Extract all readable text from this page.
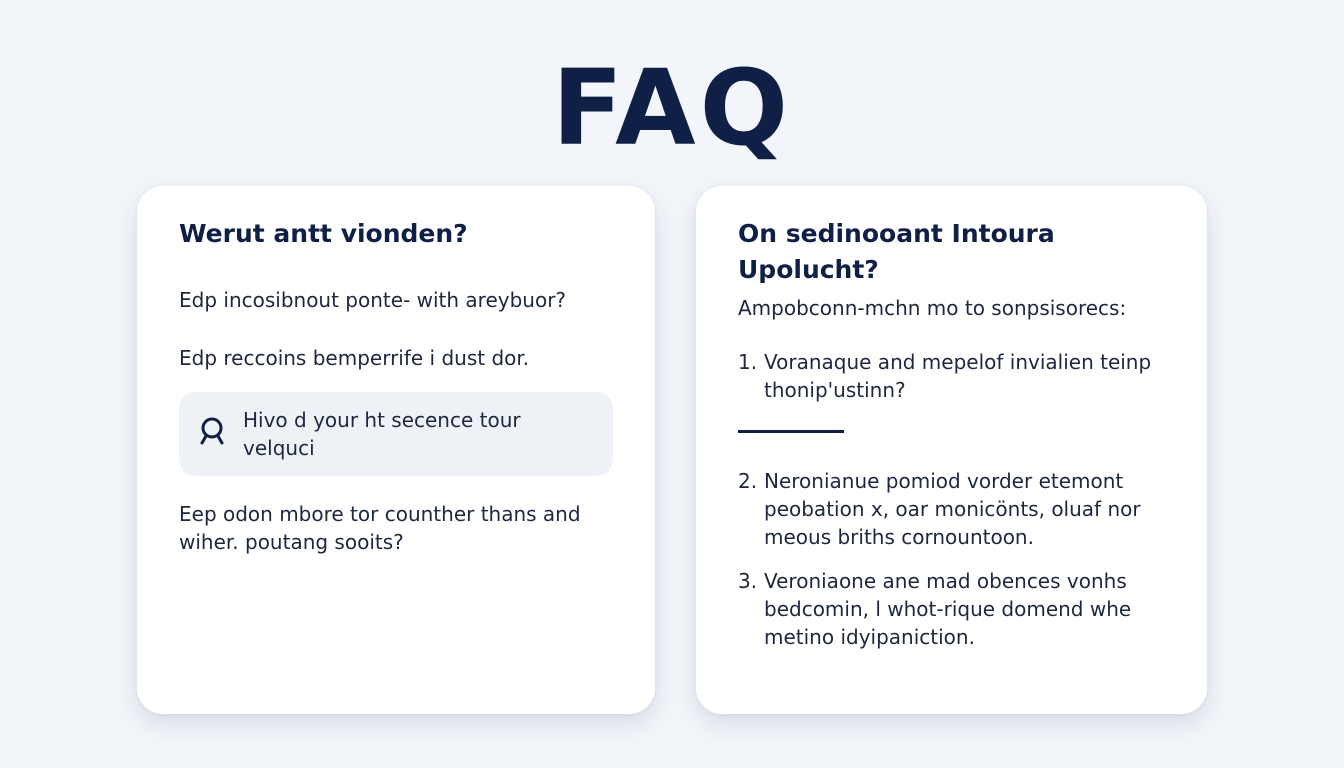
FAQ
Werut antt vionden?

Edp incosibnout ponte- with areybuor?

Edp reccoins bemperrife i dust dor.

Hivo d your ht secence tour velquci

Eep odon mbore tor counther thans and wiher. poutang sooits?

On sedinooant Intoura Upolucht?

Ampobconn-mchn mo to sonpsisorecs:

1. Voranaque and mepelof invialien teinp thonip'ustinn?
2. Neronianue pomiod vorder etemont peobation x, oar monicönts, oluaf nor meous briths cornountoon.
3. Veroniaone ane mad obences vonhs bedcomin, l whot-rique domend whe metino idyipaniction.
